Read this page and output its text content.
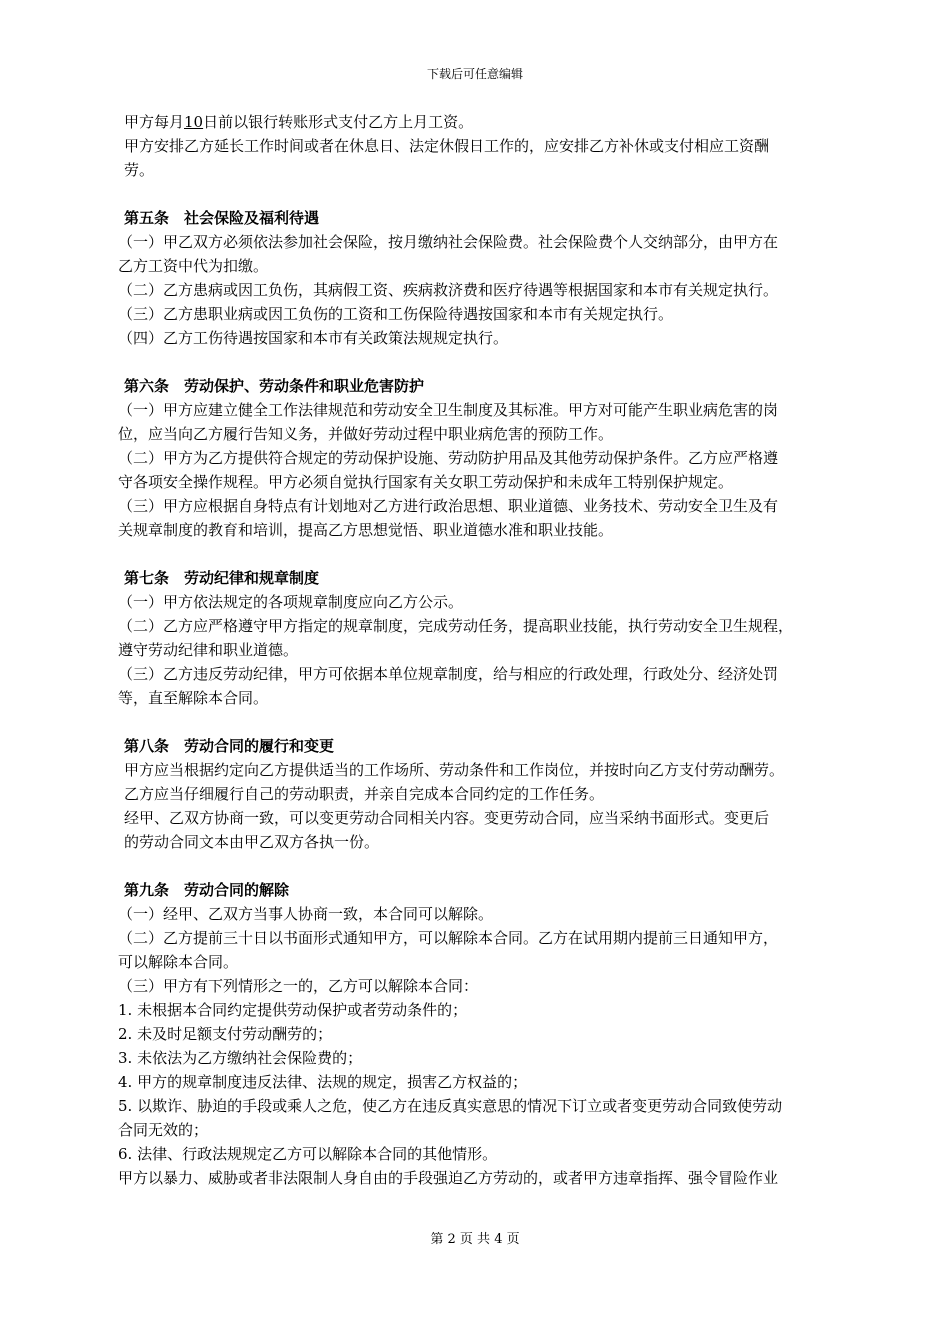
下载后可任意编辑
甲方每月10日前以银行转账形式支付乙方上月工资。
甲方安排乙方延长工作时间或者在休息日、法定休假日工作的，应安排乙方补休或支付相应工资酬
劳。
第五条　社会保险及福利待遇
（一）甲乙双方必须依法参加社会保险，按月缴纳社会保险费。社会保险费个人交纳部分，由甲方在
乙方工资中代为扣缴。
（二）乙方患病或因工负伤，其病假工资、疾病救济费和医疗待遇等根据国家和本市有关规定执行。
（三）乙方患职业病或因工负伤的工资和工伤保险待遇按国家和本市有关规定执行。
（四）乙方工伤待遇按国家和本市有关政策法规规定执行。
第六条　劳动保护、劳动条件和职业危害防护
（一）甲方应建立健全工作法律规范和劳动安全卫生制度及其标准。甲方对可能产生职业病危害的岗
位，应当向乙方履行告知义务，并做好劳动过程中职业病危害的预防工作。
（二）甲方为乙方提供符合规定的劳动保护设施、劳动防护用品及其他劳动保护条件。乙方应严格遵
守各项安全操作规程。甲方必须自觉执行国家有关女职工劳动保护和未成年工特别保护规定。
（三）甲方应根据自身特点有计划地对乙方进行政治思想、职业道德、业务技术、劳动安全卫生及有
关规章制度的教育和培训，提高乙方思想觉悟、职业道德水准和职业技能。
第七条　劳动纪律和规章制度
（一）甲方依法规定的各项规章制度应向乙方公示。
（二）乙方应严格遵守甲方指定的规章制度，完成劳动任务，提高职业技能，执行劳动安全卫生规程，
遵守劳动纪律和职业道德。
（三）乙方违反劳动纪律，甲方可依据本单位规章制度，给与相应的行政处理，行政处分、经济处罚
等，直至解除本合同。
第八条　劳动合同的履行和变更
甲方应当根据约定向乙方提供适当的工作场所、劳动条件和工作岗位，并按时向乙方支付劳动酬劳。
乙方应当仔细履行自己的劳动职责，并亲自完成本合同约定的工作任务。
经甲、乙双方协商一致，可以变更劳动合同相关内容。变更劳动合同，应当采纳书面形式。变更后
的劳动合同文本由甲乙双方各执一份。
第九条　劳动合同的解除
（一）经甲、乙双方当事人协商一致，本合同可以解除。
（二）乙方提前三十日以书面形式通知甲方，可以解除本合同。乙方在试用期内提前三日通知甲方，
可以解除本合同。
（三）甲方有下列情形之一的，乙方可以解除本合同：
1. 未根据本合同约定提供劳动保护或者劳动条件的；
2. 未及时足额支付劳动酬劳的；
3. 未依法为乙方缴纳社会保险费的；
4. 甲方的规章制度违反法律、法规的规定，损害乙方权益的；
5. 以欺诈、胁迫的手段或乘人之危，使乙方在违反真实意思的情况下订立或者变更劳动合同致使劳动
合同无效的；
6. 法律、行政法规规定乙方可以解除本合同的其他情形。
甲方以暴力、威胁或者非法限制人身自由的手段强迫乙方劳动的，或者甲方违章指挥、强令冒险作业
第 2 页 共 4 页
